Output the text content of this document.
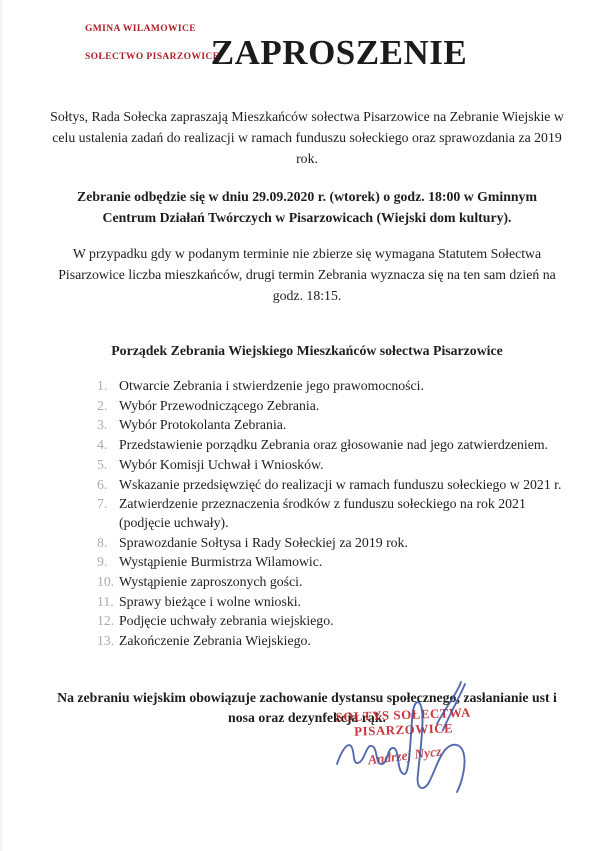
GMINA WILAMOWICE
SOŁECTWO PISARZOWICE
ZAPROSZENIE

Sołtys, Rada Sołecka zapraszają Mieszkańców sołectwa Pisarzowice na Zebranie Wiejskie w celu ustalenia zadań do realizacji w ramach funduszu sołeckiego oraz sprawozdania za 2019 rok.

Zebranie odbędzie się w dniu 29.09.2020 r. (wtorek) o godz. 18:00 w Gminnym Centrum Działań Twórczych w Pisarzowicach (Wiejski dom kultury).

W przypadku gdy w podanym terminie nie zbierze się wymagana Statutem Sołectwa Pisarzowice liczba mieszkańców, drugi termin Zebrania wyznacza się na ten sam dzień na godz. 18:15.

Porządek Zebrania Wiejskiego Mieszkańców sołectwa Pisarzowice
1. Otwarcie Zebrania i stwierdzenie jego prawomocności.
2. Wybór Przewodniczącego Zebrania.
3. Wybór Protokolanta Zebrania.
4. Przedstawienie porządku Zebrania oraz głosowanie nad jego zatwierdzeniem.
5. Wybór Komisji Uchwał i Wniosków.
6. Wskazanie przedsięwzięć do realizacji w ramach funduszu sołeckiego w 2021 r.
7. Zatwierdzenie przeznaczenia środków z funduszu sołeckiego na rok 2021 (podjęcie uchwały).
8. Sprawozdanie Sołtysa i Rady Sołeckiej za 2019 rok.
9. Wystąpienie Burmistrza Wilamowic.
10. Wystąpienie zaproszonych gości.
11. Sprawy bieżące i wolne wnioski.
12. Podjęcie uchwały zebrania wiejskiego.
13. Zakończenie Zebrania Wiejskiego.

Na zebraniu wiejskim obowiązuje zachowanie dystansu społecznego, zasłanianie ust i nosa oraz dezynfekcja rąk.

SOŁTYS SOŁECTWA
PISARZOWICE
Andrzej Nycz
